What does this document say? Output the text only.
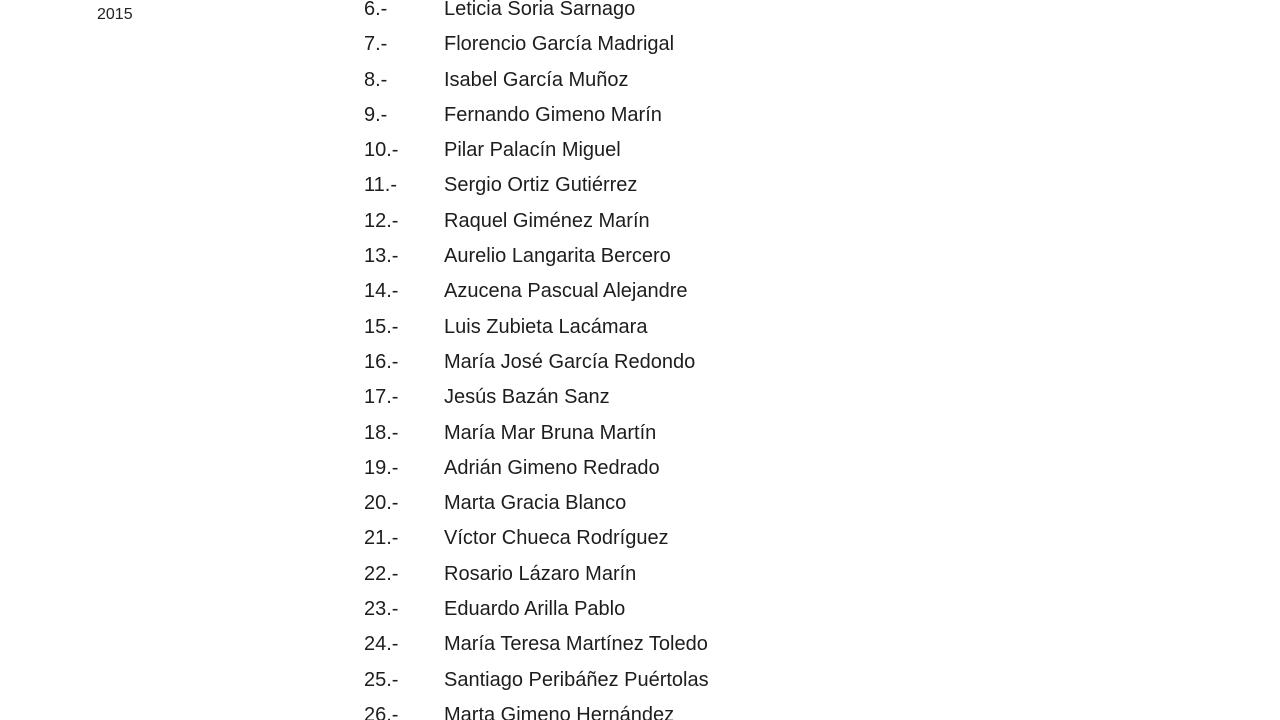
2015	6.-	Leticia Soria Sarnago
7.-	Florencio García Madrigal
8.-	Isabel García Muñoz
9.-	Fernando Gimeno Marín
10.-	Pilar Palacín Miguel
11.-	Sergio Ortiz Gutiérrez
12.-	Raquel Giménez Marín
13.-	Aurelio Langarita Bercero
14.-	Azucena Pascual Alejandre
15.-	Luis Zubieta Lacámara
16.-	María José García Redondo
17.-	Jesús Bazán Sanz
18.-	María Mar Bruna Martín
19.-	Adrián Gimeno Redrado
20.-	Marta Gracia Blanco
21.-	Víctor Chueca Rodríguez
22.-	Rosario Lázaro Marín
23.-	Eduardo Arilla Pablo
24.-	María Teresa Martínez Toledo
25.-	Santiago Peribáñez Puértolas
26.-	Marta Gimeno Hernández
